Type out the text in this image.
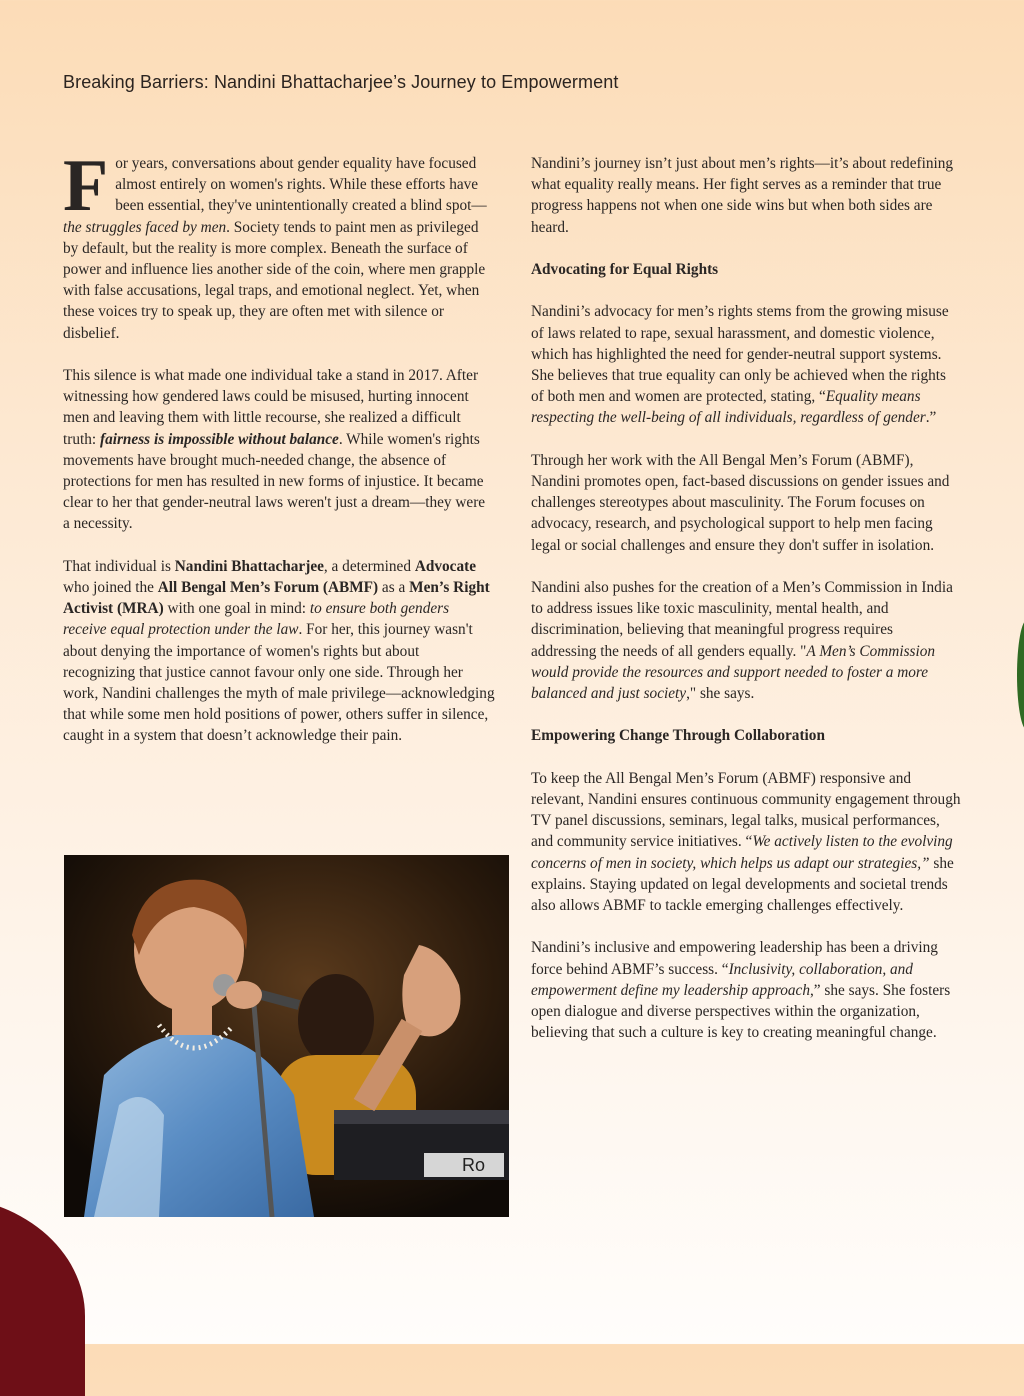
Breaking Barriers: Nandini Bhattacharjee’s Journey to Empowerment

For years, conversations about gender equality have focused almost entirely on women's rights. While these efforts have been essential, they've unintentionally created a blind spot—the struggles faced by men. Society tends to paint men as privileged by default, but the reality is more complex. Beneath the surface of power and influence lies another side of the coin, where men grapple with false accusations, legal traps, and emotional neglect. Yet, when these voices try to speak up, they are often met with silence or disbelief.

This silence is what made one individual take a stand in 2017. After witnessing how gendered laws could be misused, hurting innocent men and leaving them with little recourse, she realized a difficult truth: fairness is impossible without balance. While women's rights movements have brought much-needed change, the absence of protections for men has resulted in new forms of injustice. It became clear to her that gender-neutral laws weren't just a dream—they were a necessity.

That individual is Nandini Bhattacharjee, a determined Advocate who joined the All Bengal Men’s Forum (ABMF) as a Men’s Right Activist (MRA) with one goal in mind: to ensure both genders receive equal protection under the law. For her, this journey wasn't about denying the importance of women's rights but about recognizing that justice cannot favour only one side. Through her work, Nandini challenges the myth of male privilege—acknowledging that while some men hold positions of power, others suffer in silence, caught in a system that doesn’t acknowledge their pain.

Ro

Nandini’s journey isn’t just about men’s rights—it’s about redefining what equality really means. Her fight serves as a reminder that true progress happens not when one side wins but when both sides are heard.

Advocating for Equal Rights

Nandini’s advocacy for men’s rights stems from the growing misuse of laws related to rape, sexual harassment, and domestic violence, which has highlighted the need for gender-neutral support systems. She believes that true equality can only be achieved when the rights of both men and women are protected, stating, “Equality means respecting the well-being of all individuals, regardless of gender.”

Through her work with the All Bengal Men’s Forum (ABMF), Nandini promotes open, fact-based discussions on gender issues and challenges stereotypes about masculinity. The Forum focuses on advocacy, research, and psychological support to help men facing legal or social challenges and ensure they don't suffer in isolation.

Nandini also pushes for the creation of a Men’s Commission in India to address issues like toxic masculinity, mental health, and discrimination, believing that meaningful progress requires addressing the needs of all genders equally. "A Men’s Commission would provide the resources and support needed to foster a more balanced and just society," she says.

Empowering Change Through Collaboration

To keep the All Bengal Men’s Forum (ABMF) responsive and relevant, Nandini ensures continuous community engagement through TV panel discussions, seminars, legal talks, musical performances, and community service initiatives. “We actively listen to the evolving concerns of men in society, which helps us adapt our strategies,” she explains. Staying updated on legal developments and societal trends also allows ABMF to tackle emerging challenges effectively.

Nandini’s inclusive and empowering leadership has been a driving force behind ABMF’s success. “Inclusivity, collaboration, and empowerment define my leadership approach,” she says. She fosters open dialogue and diverse perspectives within the organization, believing that such a culture is key to creating meaningful change.
